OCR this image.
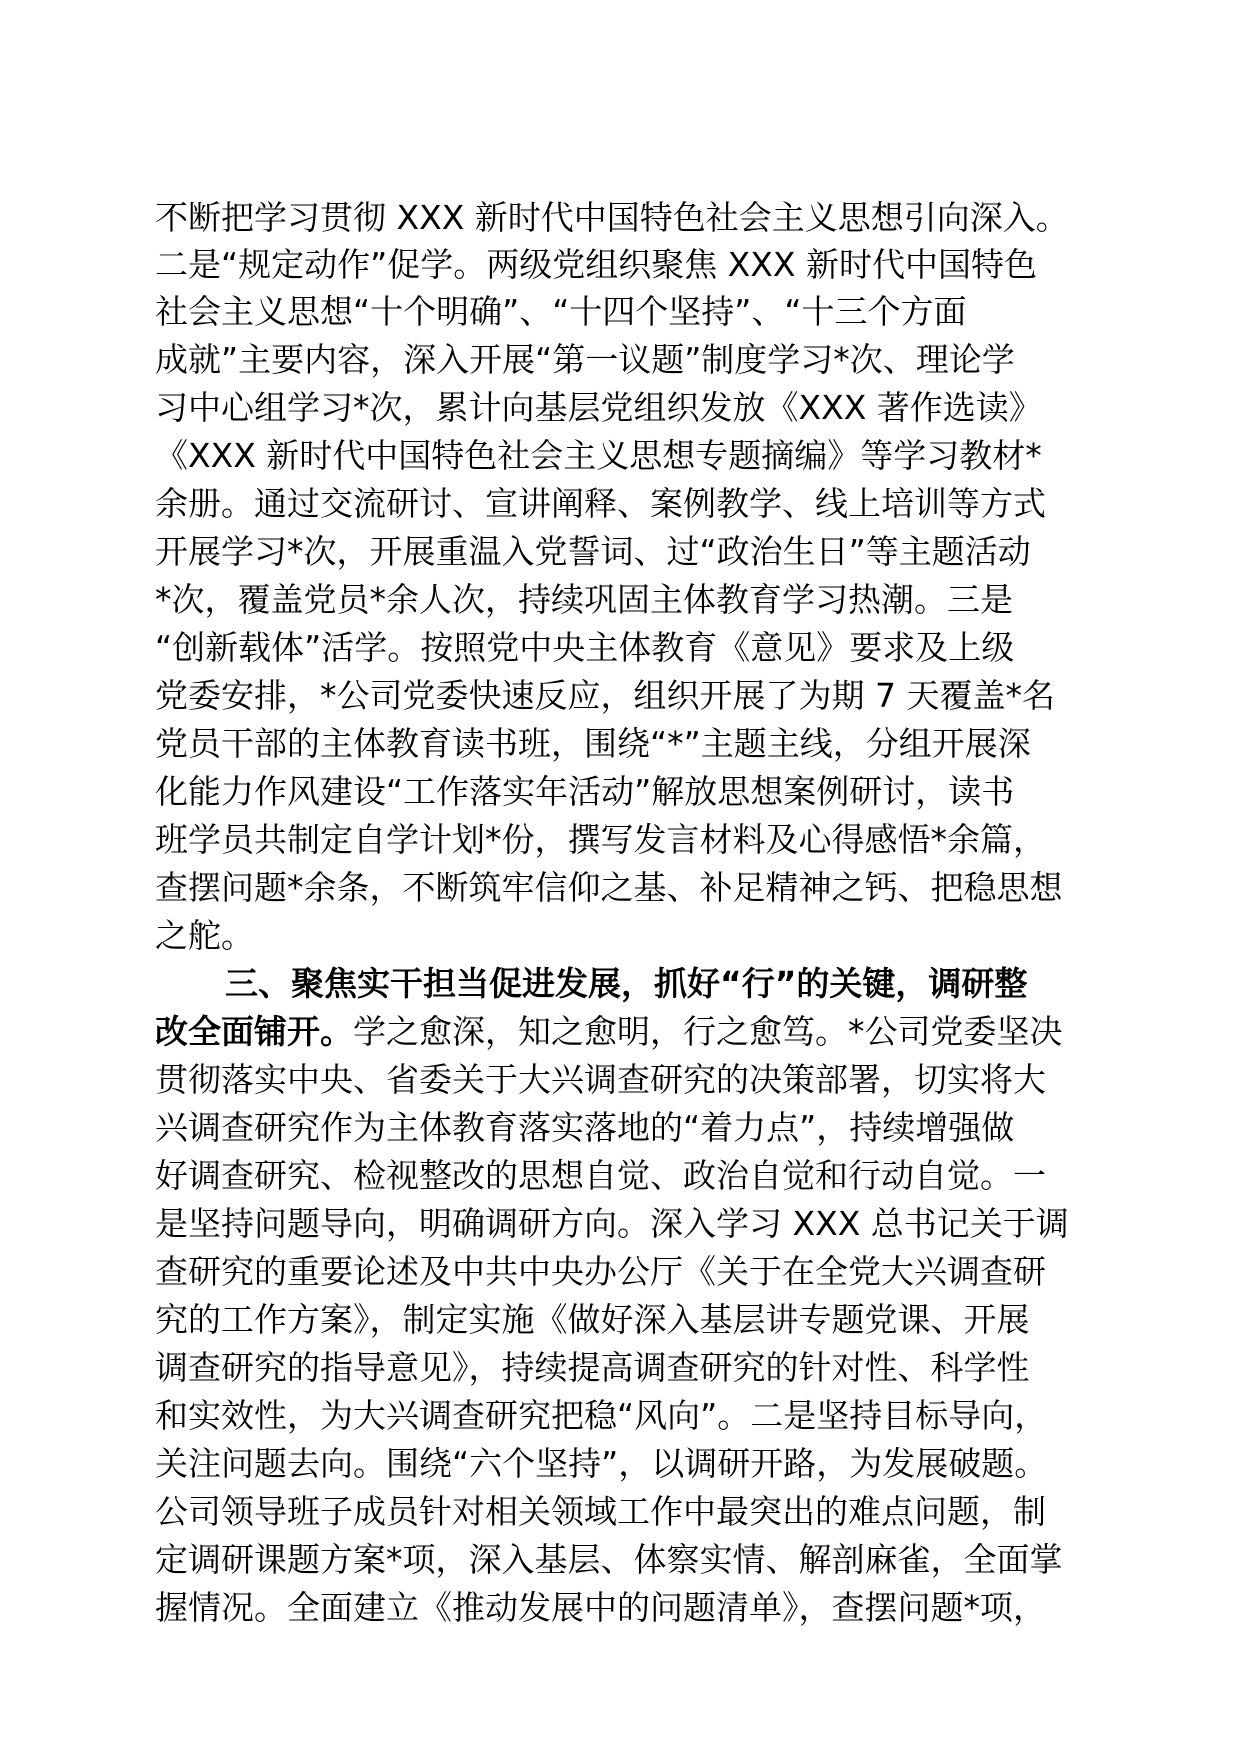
不断把学习贯彻 XXX 新时代中国特色社会主义思想引向深入。
二是“规定动作”促学。两级党组织聚焦 XXX 新时代中国特色
社会主义思想“十个明确”、“十四个坚持”、“十三个方面
成就”主要内容，深入开展“第一议题”制度学习*次、理论学
习中心组学习*次，累计向基层党组织发放《XXX 著作选读》
《XXX 新时代中国特色社会主义思想专题摘编》等学习教材*
余册。通过交流研讨、宣讲阐释、案例教学、线上培训等方式
开展学习*次，开展重温入党誓词、过“政治生日”等主题活动
*次，覆盖党员*余人次，持续巩固主体教育学习热潮。三是
“创新载体”活学。按照党中央主体教育《意见》要求及上级
党委安排，*公司党委快速反应，组织开展了为期 7 天覆盖*名
党员干部的主体教育读书班，围绕“*”主题主线，分组开展深
化能力作风建设“工作落实年活动”解放思想案例研讨，读书
班学员共制定自学计划*份，撰写发言材料及心得感悟*余篇，
查摆问题*余条，不断筑牢信仰之基、补足精神之钙、把稳思想
之舵。
三、聚焦实干担当促进发展，抓好“行”的关键，调研整
改全面铺开。学之愈深，知之愈明，行之愈笃。*公司党委坚决
贯彻落实中央、省委关于大兴调查研究的决策部署，切实将大
兴调查研究作为主体教育落实落地的“着力点”，持续增强做
好调查研究、检视整改的思想自觉、政治自觉和行动自觉。一
是坚持问题导向，明确调研方向。深入学习 XXX 总书记关于调
查研究的重要论述及中共中央办公厅《关于在全党大兴调查研
究的工作方案》，制定实施《做好深入基层讲专题党课、开展
调查研究的指导意见》，持续提高调查研究的针对性、科学性
和实效性，为大兴调查研究把稳“风向”。二是坚持目标导向，
关注问题去向。围绕“六个坚持”，以调研开路，为发展破题。
公司领导班子成员针对相关领域工作中最突出的难点问题，制
定调研课题方案*项，深入基层、体察实情、解剖麻雀，全面掌
握情况。全面建立《推动发展中的问题清单》，查摆问题*项，
